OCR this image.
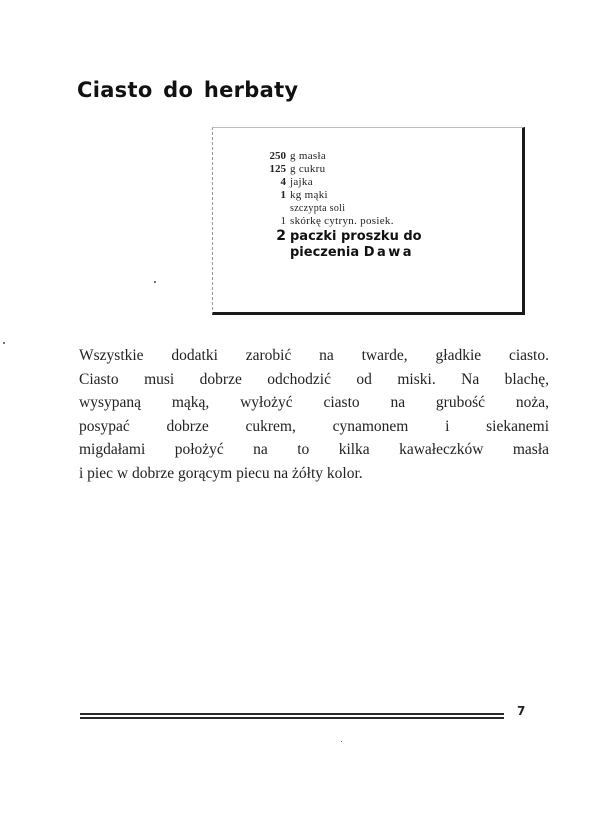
Ciasto do herbaty
250 g masła
125 g cukru
4 jajka
1 kg mąki
szczypta soli
1 skórkę cytryn. posiek.
2 paczki proszku do
pieczenia Dawa

Wszystkie dodatki zarobić na twarde, gładkie ciasto.
Ciasto musi dobrze odchodzić od miski. Na blachę,
wysypaną mąką, wyłożyć ciasto na grubość noża,
posypać dobrze cukrem, cynamonem i siekanemi
migdałami położyć na to kilka kawałeczków masła
i piec w dobrze gorącym piecu na żółty kolor.

7
